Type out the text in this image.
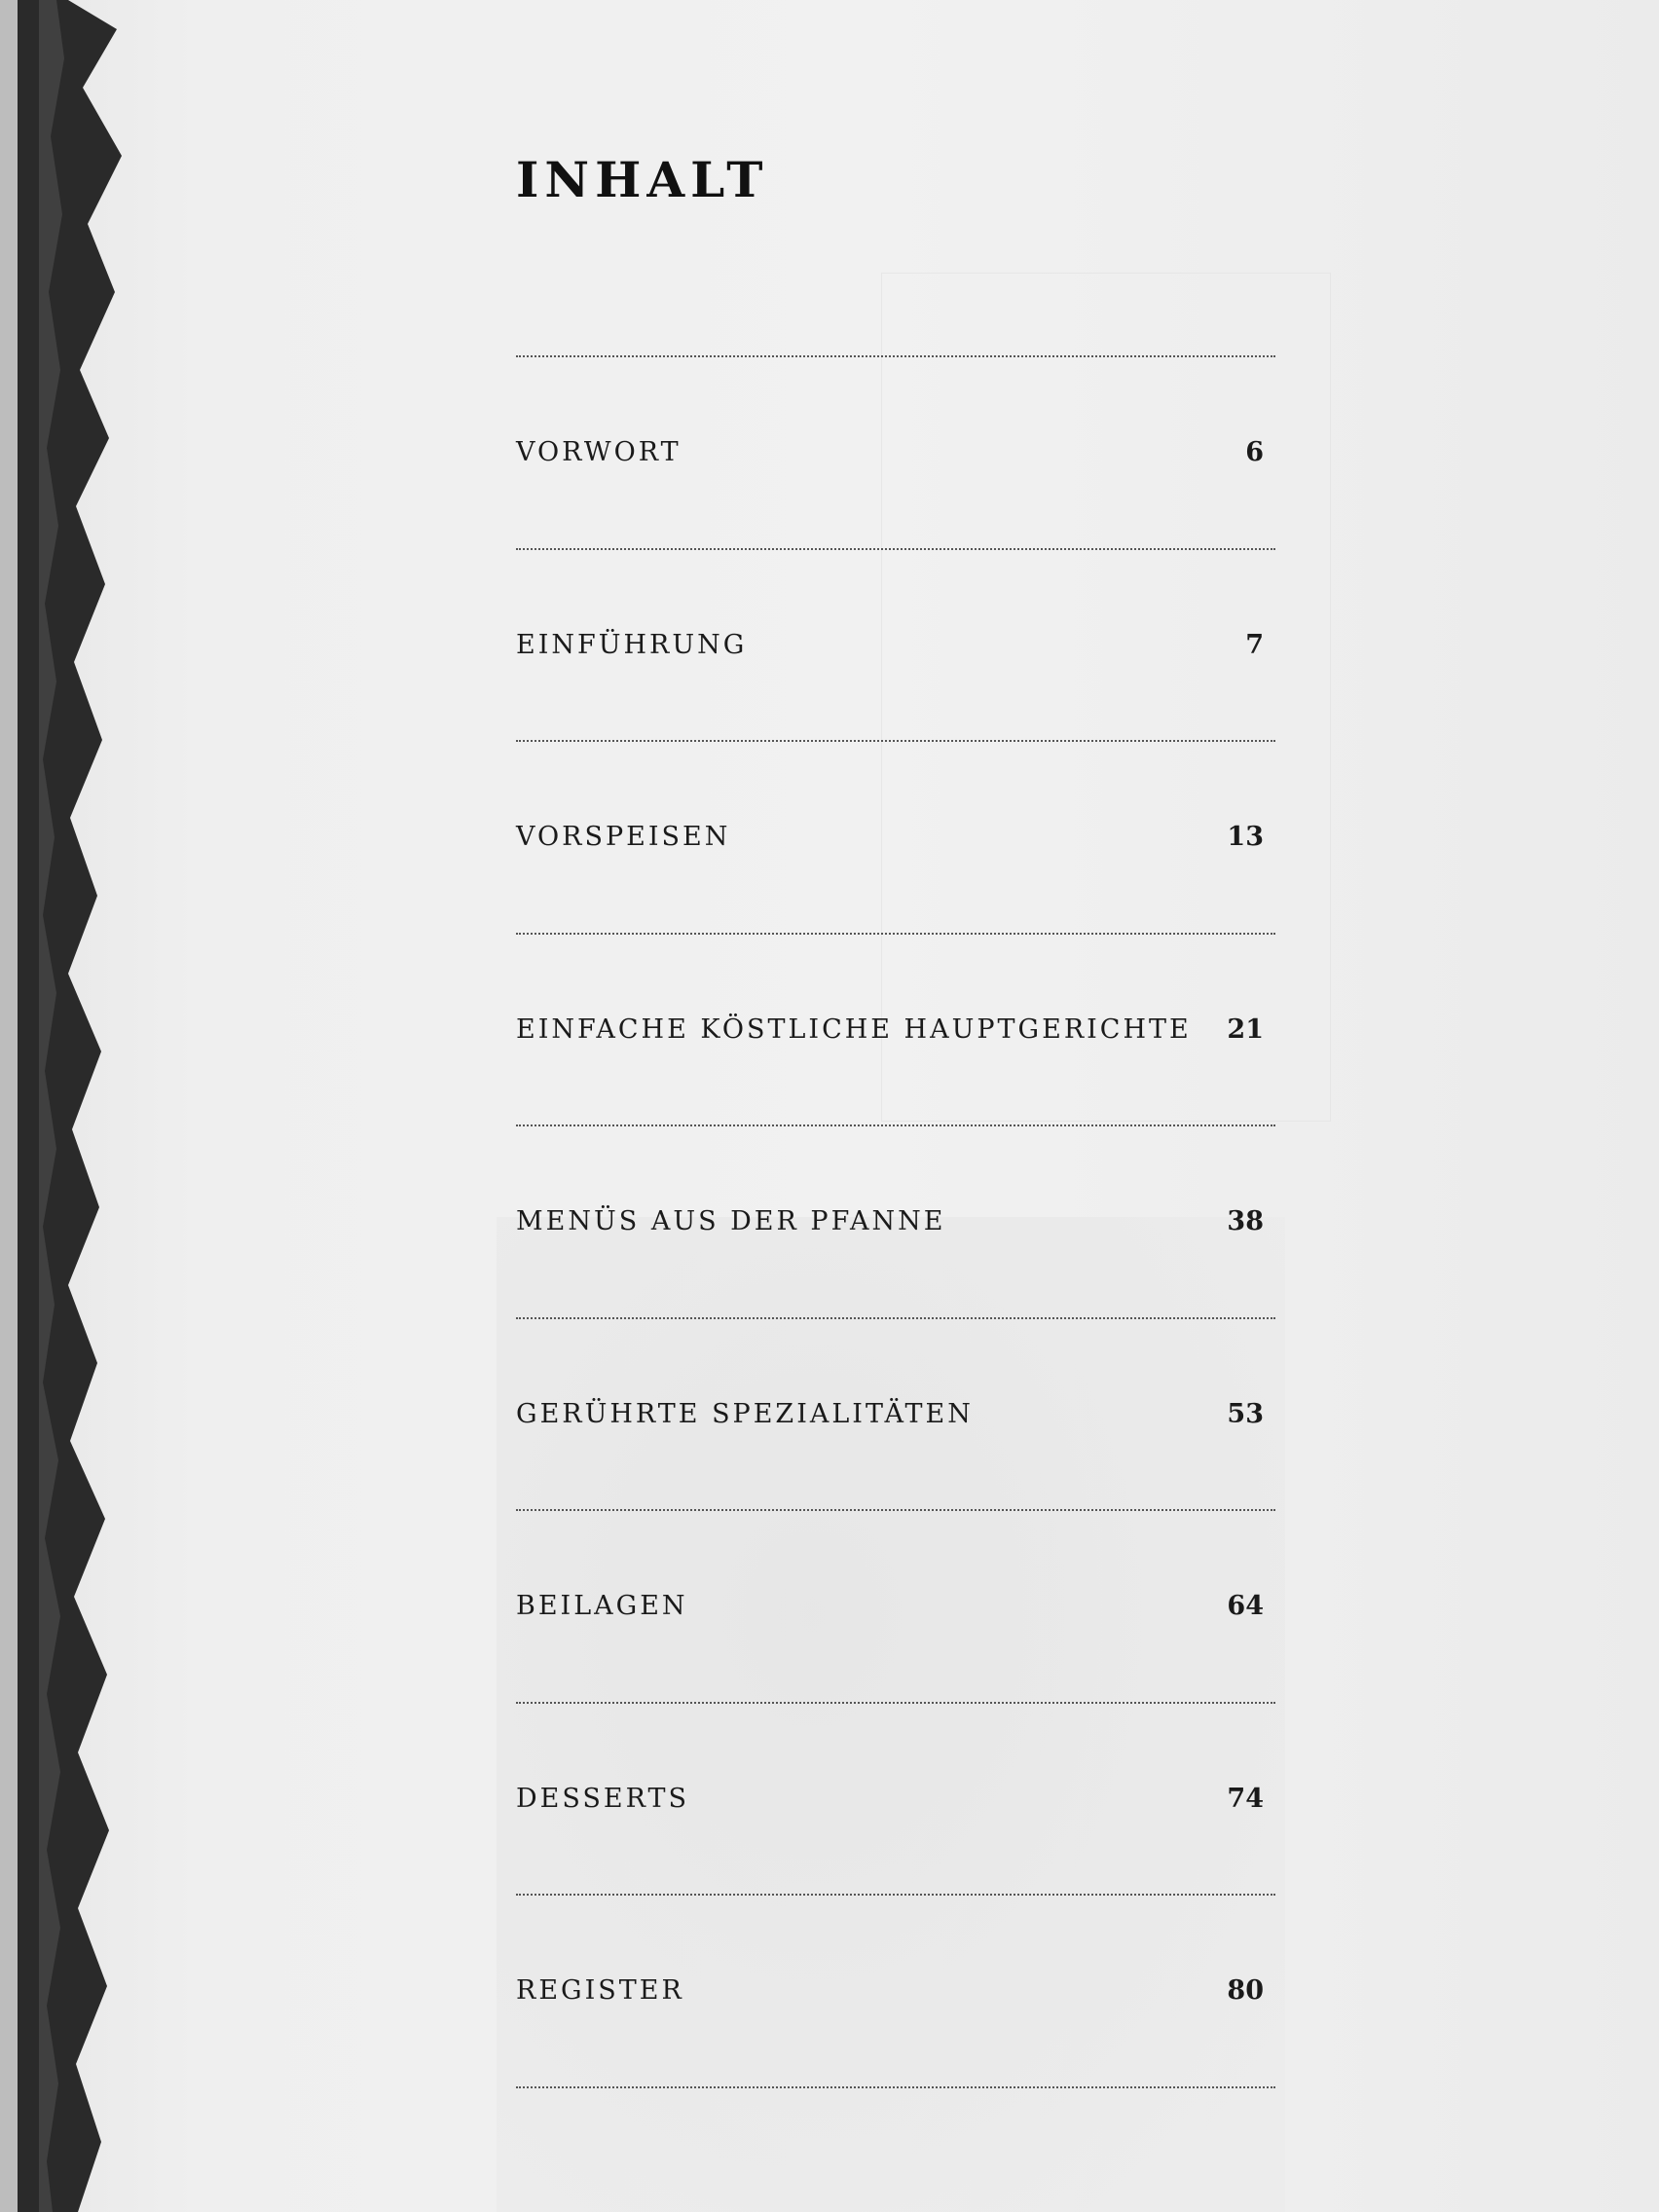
INHALT
VORWORT	6
EINFÜHRUNG	7
VORSPEISEN	13
EINFACHE KÖSTLICHE HAUPTGERICHTE 21
MENÜS AUS DER PFANNE	38
GERÜHRTE SPEZIALITÄTEN	53
BEILAGEN	64
DESSERTS	74
REGISTER	80
